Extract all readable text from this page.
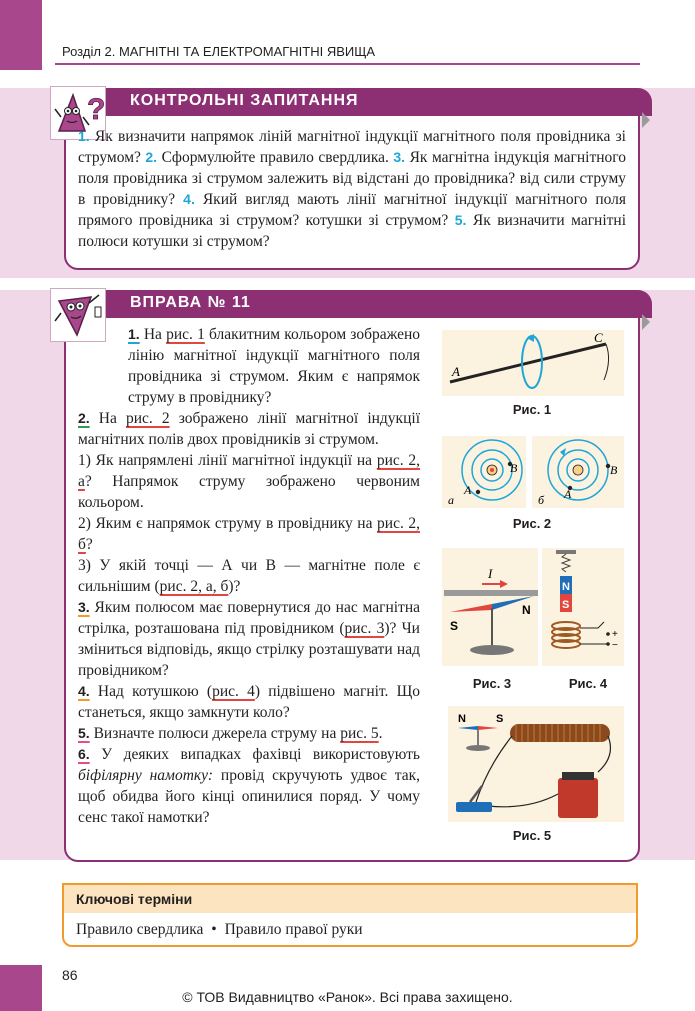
Розділ 2. МАГНІТНІ ТА ЕЛЕКТРОМАГНІТНІ ЯВИЩА
КОНТРОЛЬНІ ЗАПИТАННЯ
?
1. Як визначити напрямок ліній магнітної індукції магнітного поля провідника зі струмом? 2. Сформулюйте правило свердлика. 3. Як магнітна індукція магнітного поля провідника зі струмом залежить від відстані до провідника? від сили струму в провіднику? 4. Який вигляд мають лінії магнітної індукції магнітного поля прямого провідника зі струмом? котушки зі струмом? 5. Як визначити магнітні полюси котушки зі струмом?
ВПРАВА № 11

1. На рис. 1 блакитним кольором зображено лінію магнітної індукції магнітного поля провідника зі струмом. Яким є напрямок струму в провіднику?

2. На рис. 2 зображено лінії магнітної індукції магнітних полів двох провідників зі струмом.

1) Як напрямлені лінії магнітної індукції на рис. 2, а? Напрямок струму зображено червоним кольором.

2) Яким є напрямок струму в провіднику на рис. 2, б?

3) У якій точці — А чи В — магнітне поле є сильнішим (рис. 2, а, б)?

3. Яким полюсом має повернутися до нас магнітна стрілка, розташована під провідником (рис. 3)? Чи зміниться відповідь, якщо стрілку розташувати над провідником?

4. Над котушкою (рис. 4) підвішено магніт. Що станеться, якщо замкнути коло?

5. Визначте полюси джерела струму на рис. 5.

6. У деяких випадках фахівці використовують біфілярну намотку: провід скручують удвоє так, щоб обидва його кінці опинилися поряд. У чому сенс такої намотки?

A
C
Рис. 1
B
A
а
B
A
б
Рис. 2
I
S
N
Рис. 3
N
S
+
−
Рис. 4
N	S
Рис. 5
Ключові терміни
Правило свердлика • Правило правої руки
86
© ТОВ Видавництво «Ранок». Всі права захищено.
